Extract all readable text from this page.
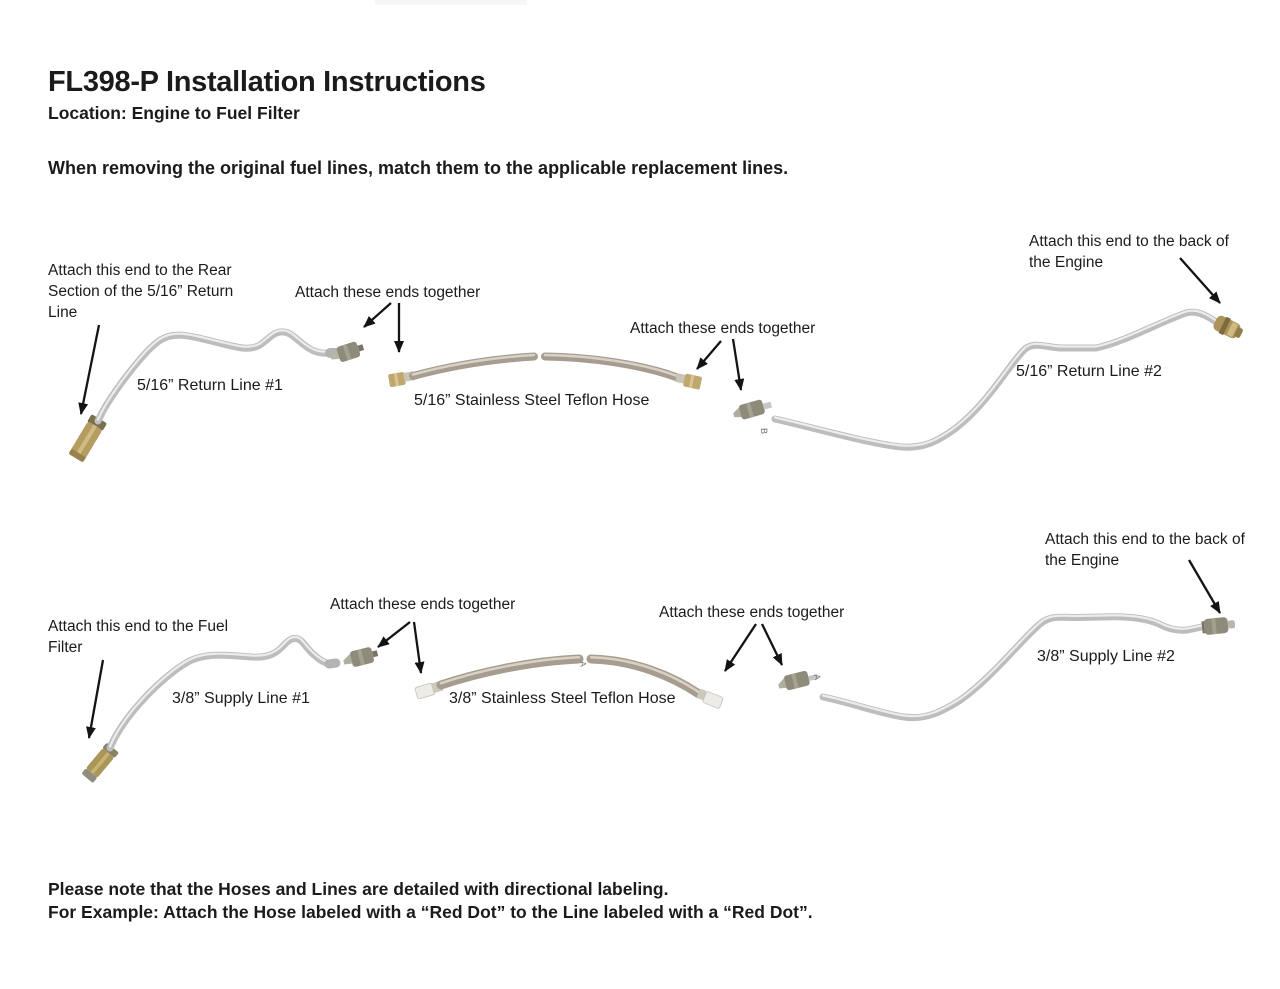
FL398-P Installation Instructions
Location: Engine to Fuel Filter
When removing the original fuel lines, match them to the applicable replacement lines.
B
A
A
Attach this end to the Rear Section of the 5/16” Return Line
Attach these ends together
Attach these ends together
Attach this end to the back of the Engine
5/16” Return Line #1
5/16” Stainless Steel Teflon Hose
5/16” Return Line #2
Attach this end to the Fuel Filter
Attach these ends together	Attach these ends together
Attach this end to the back of the Engine
3/8” Supply Line #1	3/8” Stainless Steel Teflon Hose
3/8” Supply Line #2
Please note that the Hoses and Lines are detailed with directional labeling.
For Example: Attach the Hose labeled with a “Red Dot” to the Line labeled with a “Red Dot”.
